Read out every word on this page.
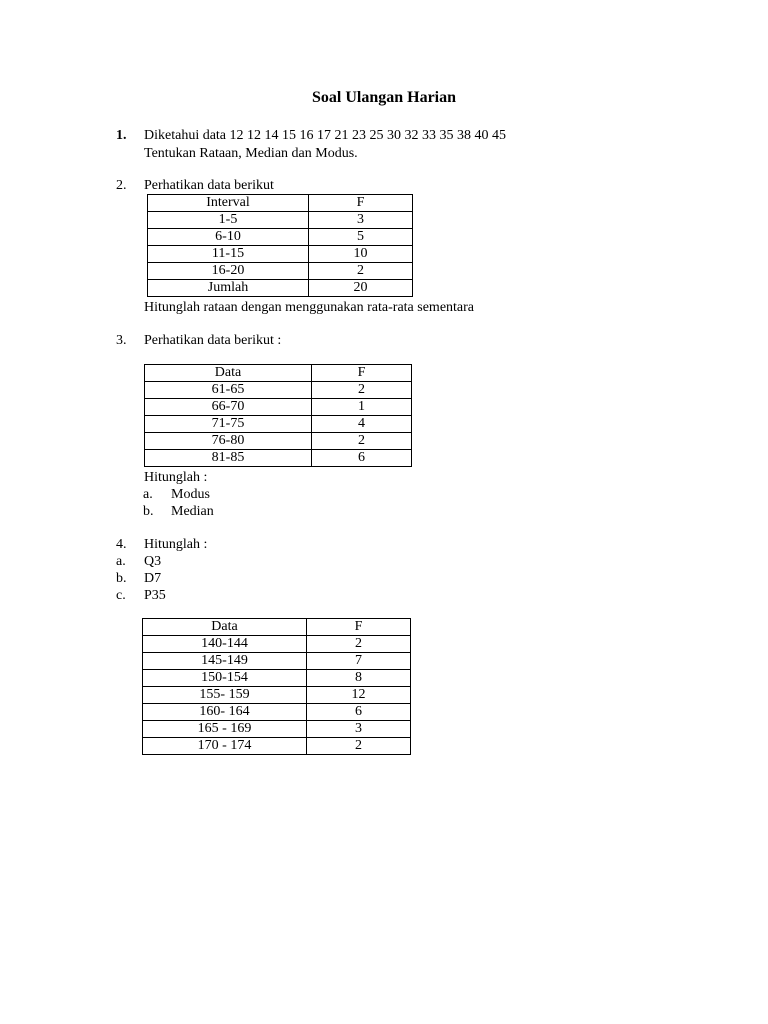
Soal Ulangan Harian
1. Diketahui data 12 12 14 15 16 17 21 23 25 30 32 33 35 38 40 45
Tentukan Rataan, Median dan Modus.
2. Perhatikan data berikut
Interval	F
1-5	3
6-10	5
11-15	10
16-20	2
Jumlah	20
Hitunglah rataan dengan menggunakan rata-rata sementara
3. Perhatikan data berikut :
Data	F
61-65	2
66-70	1
71-75	4
76-80	2
81-85	6
Hitunglah :
a. Modus
b. Median
4. Hitunglah :
a. Q3
b. D7
c. P35
Data	F
140-144	2
145-149	7
150-154	8
155- 159	12
160- 164	6
165 - 169	3
170 - 174	2
